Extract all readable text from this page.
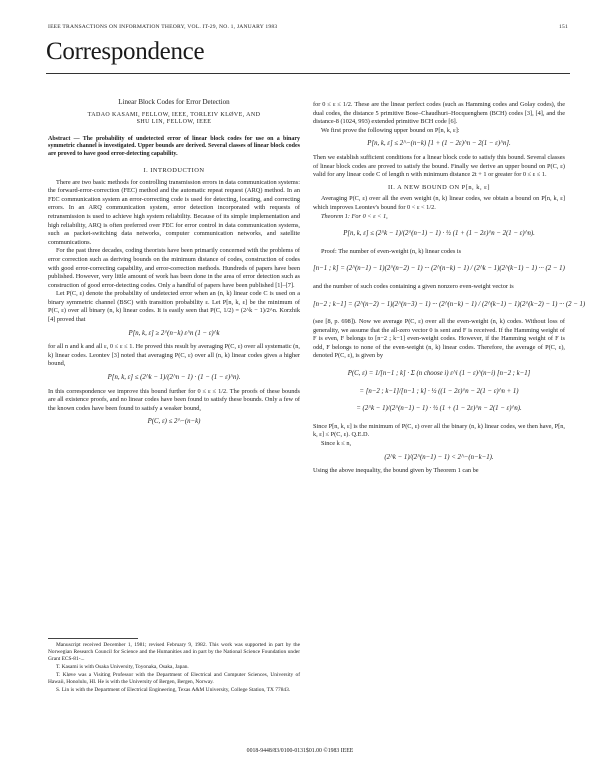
IEEE TRANSACTIONS ON INFORMATION THEORY, VOL. IT-29, NO. 1, JANUARY 1983	151
Correspondence
Linear Block Codes for Error Detection
TADAO KASAMI, FELLOW, IEEE, TORLEIV KLØVE, AND
SHU LIN, FELLOW, IEEE
Abstract — The probability of undetected error of linear block codes for use on a binary symmetric channel is investigated. Upper bounds are derived. Several classes of linear block codes are proved to have good error-detecting capability.
I. INTRODUCTION

There are two basic methods for controlling transmission errors in data communication systems: the forward-error-correction (FEC) method and the automatic repeat request (ARQ) method. In an FEC communication system an error-correcting code is used for detecting, locating, and correcting errors. In an ARQ communication system, error detection incorporated with requests of retransmission is used to achieve high system reliability. Because of its simple implementation and high reliability, ARQ is often preferred over FEC for error control in data communication systems, such as packet-switching data networks, computer communication networks, and satellite communications.

For the past three decades, coding theorists have been primarily concerned with the problems of error correction such as deriving bounds on the minimum distance of codes, construction of codes with good error-correcting capability, and error-correction methods. Hundreds of papers have been published. However, very little amount of work has been done in the area of error detection such as construction of good error-detecting codes. Only a handful of papers have been published [1]–[7].

Let P(C, ε) denote the probability of undetected error when an (n, k) linear code C is used on a binary symmetric channel (BSC) with transition probability ε. Let P[n, k, ε] be the minimum of P(C, ε) over all binary (n, k) linear codes. It is easily seen that P(C, 1/2) = (2^k − 1)/2^n. Korzhik [4] proved that

P[n, k, ε] ≥ 2^(n−k) ε^n (1 − ε)^k

for all n and k and all ε, 0 ≤ ε ≤ 1. He proved this result by averaging P(C, ε) over all systematic (n, k) linear codes. Leontev [3] noted that averaging P(C, ε) over all (n, k) linear codes gives a higher bound,

P[n, k, ε] ≤ (2^k − 1)/(2^n − 1) · (1 − (1 − ε)^n).

In this correspondence we improve this bound further for 0 ≤ ε ≤ 1/2. The proofs of these bounds are all existence proofs, and no linear codes have been found to satisfy these bounds. Only a few of the known codes have been found to satisfy a weaker bound,

P(C, ε) ≤ 2^−(n−k)
Manuscript received December 1, 1981; revised February 9, 1982. This work was supported in part by the Norwegian Research Council for Science and the Humanities and in part by the National Science Foundation under Grant ECS-81-...
T. Kasami is with Osaka University, Toyonaka, Osaka, Japan.
T. Kløve was a Visiting Professor with the Department of Electrical and Computer Sciences, University of Hawaii, Honolulu, HI. He is with the University of Bergen, Bergen, Norway.
S. Lin is with the Department of Electrical Engineering, Texas A&M University, College Station, TX 77843.

for 0 ≤ ε ≤ 1/2. These are the linear perfect codes (such as Hamming codes and Golay codes), the dual codes, the distance 5 primitive Bose–Chaudhuri–Hocquenghem (BCH) codes [3], [4], and the distance-8 (1024, 993) extended primitive BCH code [6].

We first prove the following upper bound on P[n, k, ε]:

P[n, k, ε] ≤ 2^−(n−k) [1 + (1 − 2ε)^n − 2(1 − ε)^n].

Then we establish sufficient conditions for a linear block code to satisfy this bound. Several classes of linear block codes are proved to satisfy the bound. Finally we derive an upper bound on P(C, ε) valid for any linear code C of length n with minimum distance 2t + 1 or greater for 0 ≤ ε ≤ 1.

II. A NEW BOUND ON P[n, k, ε]

Averaging P(C, ε) over all the even weight (n, k) linear codes, we obtain a bound on P[n, k, ε] which improves Leontev's bound for 0 < ε < 1/2.

Theorem 1: For 0 < ε < 1,

P[n, k, ε] ≤ (2^k − 1)/(2^(n−1) − 1) · ½ (1 + (1 − 2ε)^n − 2(1 − ε)^n).

Proof: The number of even-weight (n, k) linear codes is

[n−1 ; k] = (2^(n−1) − 1)(2^(n−2) − 1) ··· (2^(n−k) − 1) / (2^k − 1)(2^(k−1) − 1) ··· (2 − 1)

and the number of such codes containing a given nonzero even-weight vector is

[n−2 ; k−1] = (2^(n−2) − 1)(2^(n−3) − 1) ··· (2^(n−k) − 1) / (2^(k−1) − 1)(2^(k−2) − 1) ··· (2 − 1)

(see [8, p. 698]). Now we average P(C, ε) over all the even-weight (n, k) codes. Without loss of generality, we assume that the all-zero vector 0 is sent and F is received. If the Hamming weight of F is even, F belongs to [n−2 ; k−1] even-weight codes. However, if the Hamming weight of F is odd, F belongs to none of the even-weight (n, k) linear codes. Therefore, the average of P(C, ε), denoted P(C, ε), is given by

P(C, ε) = 1/[n−1 ; k] · Σ (n choose i) ε^i (1 − ε)^(n−i) [n−2 ; k−1]
= [n−2 ; k−1]/[n−1 ; k] · ½ ((1 − 2ε)^n − 2(1 − ε)^n + 1)
= (2^k − 1)/(2^(n−1) − 1) · ½ (1 + (1 − 2ε)^n − 2(1 − ε)^n).

Since P[n, k, ε] is the minimum of P(C, ε) over all the binary (n, k) linear codes, we then have, P[n, k, ε] ≤ P(C, ε). Q.E.D.

Since k ≤ n,

(2^k − 1)/(2^(n−1) − 1) < 2^−(n−k−1).

Using the above inequality, the bound given by Theorem 1 can be

0018-9448/83/0100-0131$01.00 ©1983 IEEE
